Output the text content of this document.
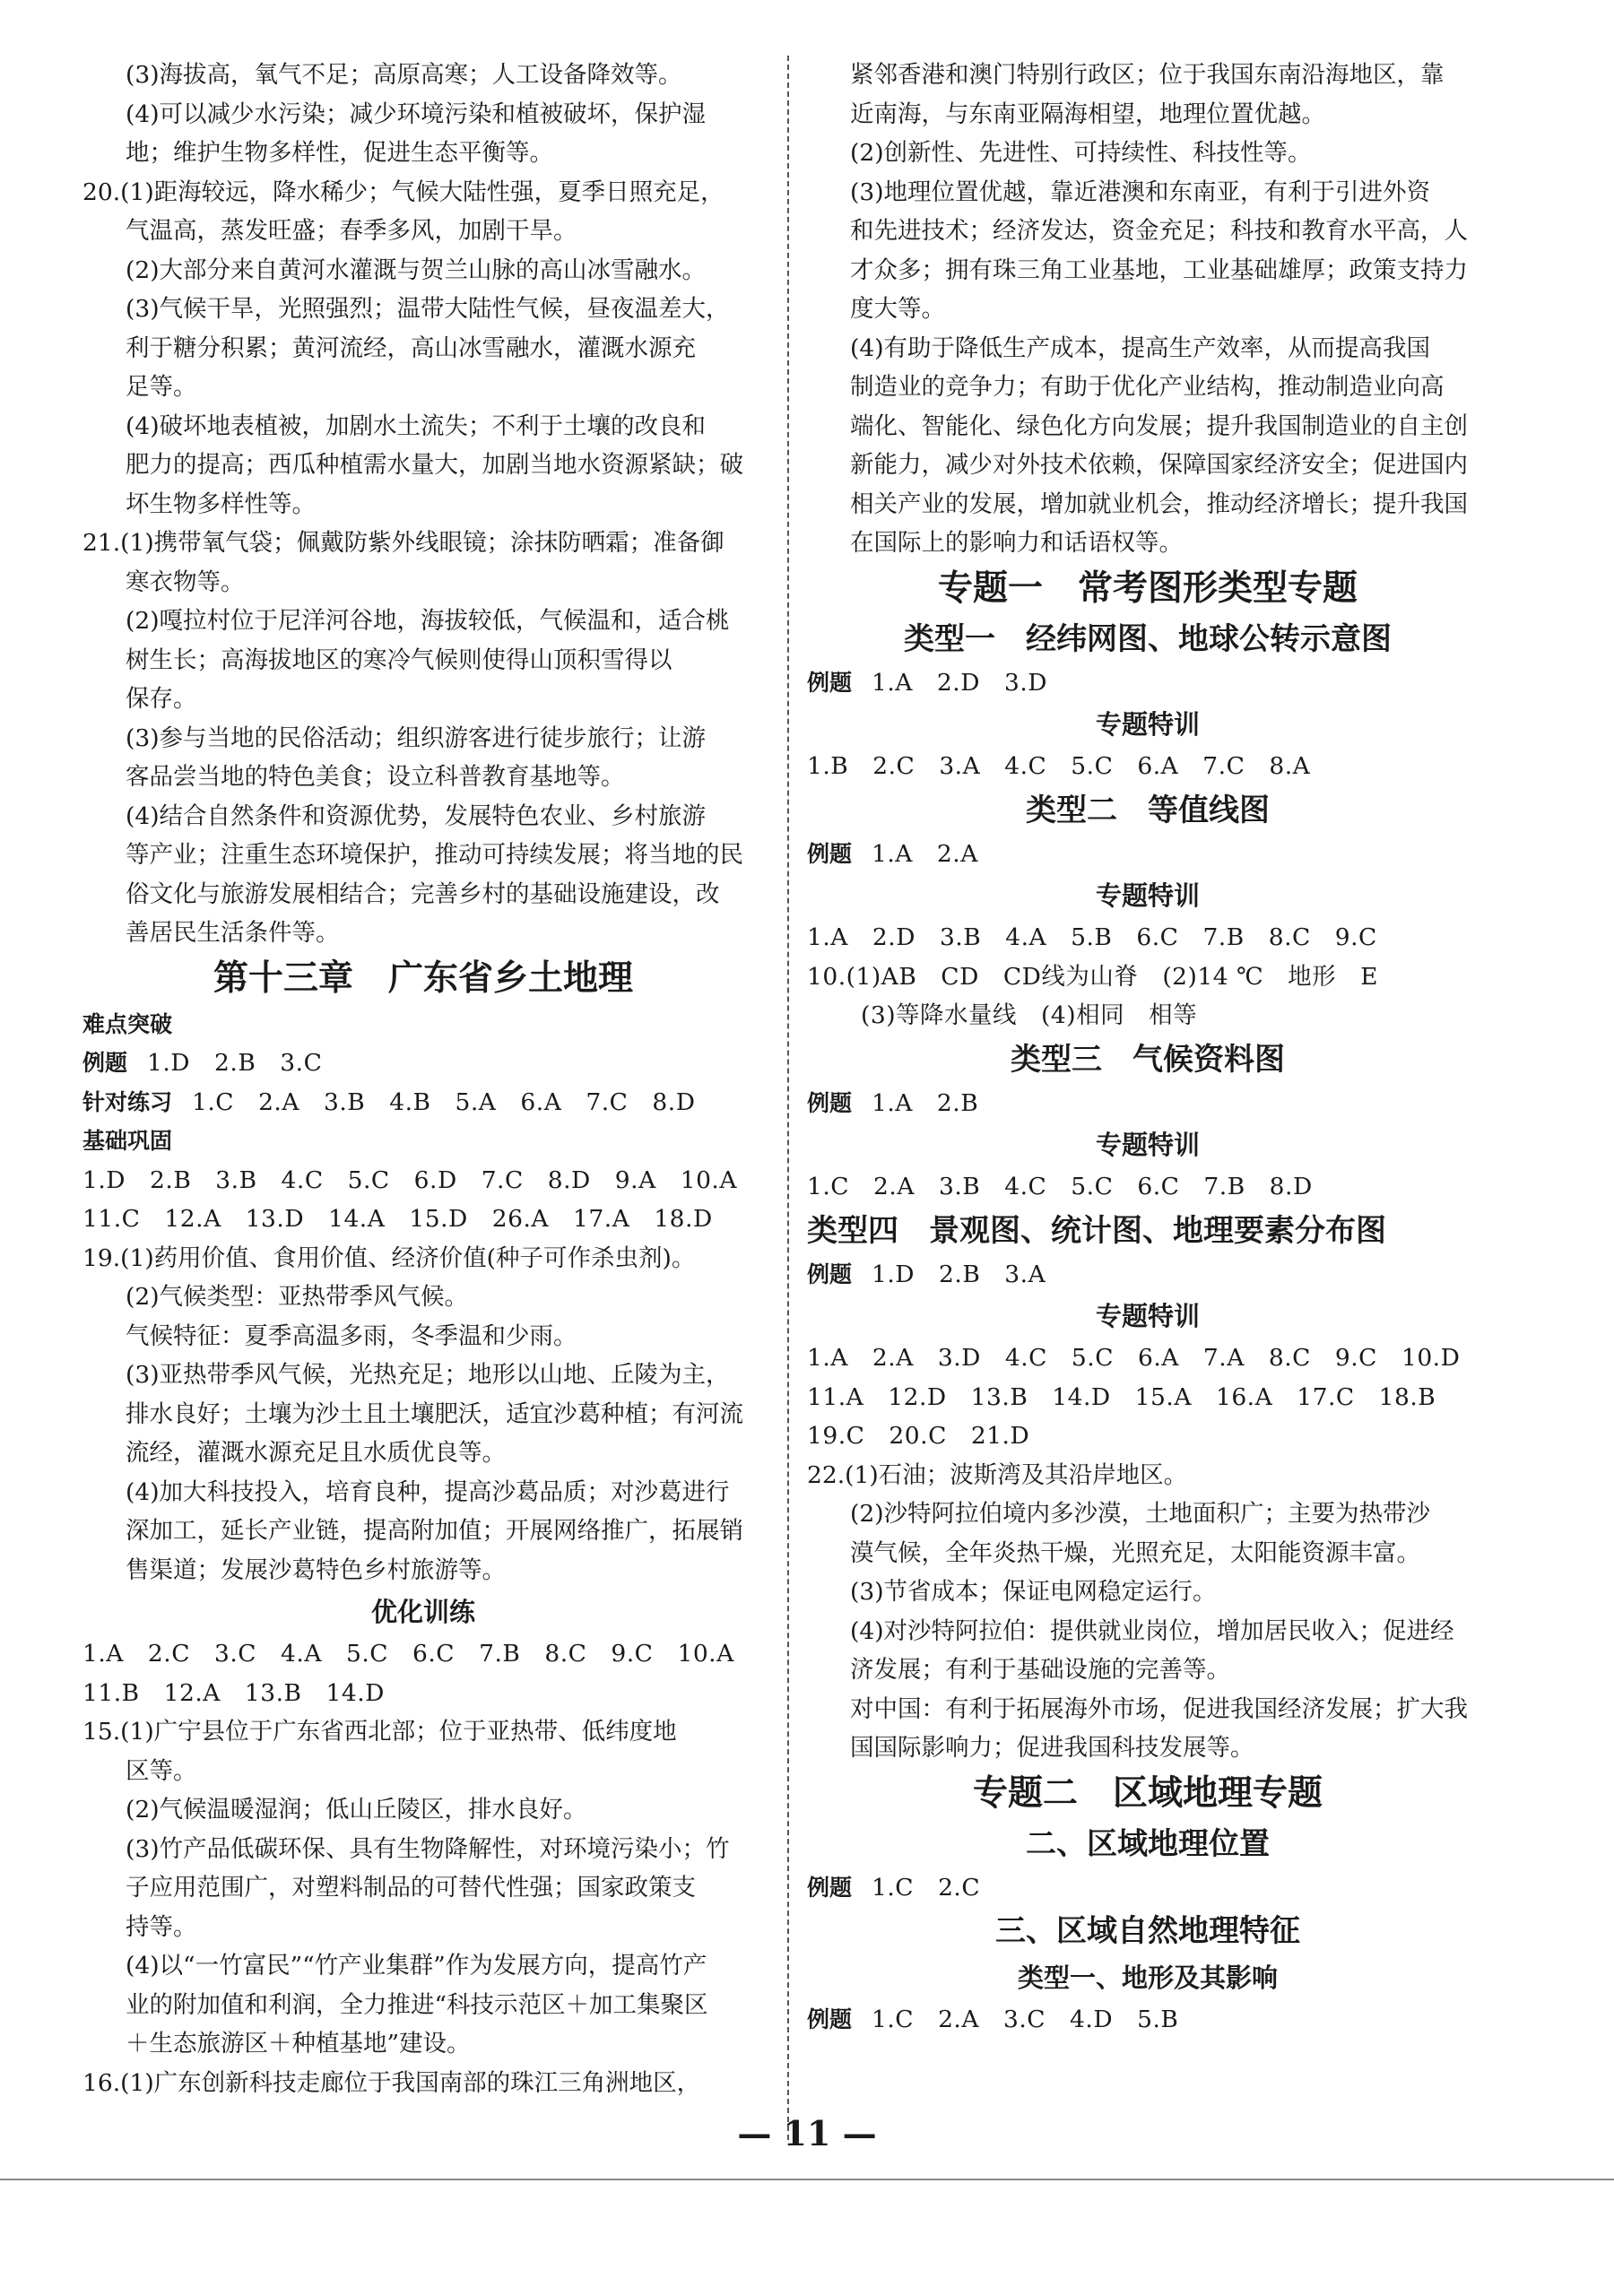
(3)海拔高，氧气不足；高原高寒；人工设备降效等。
(4)可以减少水污染；减少环境污染和植被破坏，保护湿
地；维护生物多样性，促进生态平衡等。
20.(1)距海较远，降水稀少；气候大陆性强，夏季日照充足，
气温高，蒸发旺盛；春季多风，加剧干旱。
(2)大部分来自黄河水灌溉与贺兰山脉的高山冰雪融水。
(3)气候干旱，光照强烈；温带大陆性气候，昼夜温差大，
利于糖分积累；黄河流经，高山冰雪融水，灌溉水源充
足等。
(4)破坏地表植被，加剧水土流失；不利于土壤的改良和
肥力的提高；西瓜种植需水量大，加剧当地水资源紧缺；破
坏生物多样性等。
21.(1)携带氧气袋；佩戴防紫外线眼镜；涂抹防晒霜；准备御
寒衣物等。
(2)嘎拉村位于尼洋河谷地，海拔较低，气候温和，适合桃
树生长；高海拔地区的寒冷气候则使得山顶积雪得以
保存。
(3)参与当地的民俗活动；组织游客进行徒步旅行；让游
客品尝当地的特色美食；设立科普教育基地等。
(4)结合自然条件和资源优势，发展特色农业、乡村旅游
等产业；注重生态环境保护，推动可持续发展；将当地的民
俗文化与旅游发展相结合；完善乡村的基础设施建设，改
善居民生活条件等。
第十三章　广东省乡土地理
难点突破
例题 1.D　2.B　3.C
针对练习 1.C　2.A　3.B　4.B　5.A　6.A　7.C　8.D
基础巩固
1.D　2.B　3.B　4.C　5.C　6.D　7.C　8.D　9.A　10.A
11.C　12.A　13.D　14.A　15.D　26.A　17.A　18.D
19.(1)药用价值、食用价值、经济价值(种子可作杀虫剂)。
(2)气候类型：亚热带季风气候。
气候特征：夏季高温多雨，冬季温和少雨。
(3)亚热带季风气候，光热充足；地形以山地、丘陵为主，
排水良好；土壤为沙土且土壤肥沃，适宜沙葛种植；有河流
流经，灌溉水源充足且水质优良等。
(4)加大科技投入，培育良种，提高沙葛品质；对沙葛进行
深加工，延长产业链，提高附加值；开展网络推广，拓展销
售渠道；发展沙葛特色乡村旅游等。
优化训练
1.A　2.C　3.C　4.A　5.C　6.C　7.B　8.C　9.C　10.A
11.B　12.A　13.B　14.D
15.(1)广宁县位于广东省西北部；位于亚热带、低纬度地
区等。
(2)气候温暖湿润；低山丘陵区，排水良好。
(3)竹产品低碳环保、具有生物降解性，对环境污染小；竹
子应用范围广，对塑料制品的可替代性强；国家政策支
持等。
(4)以“一竹富民”“竹产业集群”作为发展方向，提高竹产
业的附加值和利润，全力推进“科技示范区＋加工集聚区
＋生态旅游区＋种植基地”建设。
16.(1)广东创新科技走廊位于我国南部的珠江三角洲地区，
紧邻香港和澳门特别行政区；位于我国东南沿海地区，靠
近南海，与东南亚隔海相望，地理位置优越。
(2)创新性、先进性、可持续性、科技性等。
(3)地理位置优越，靠近港澳和东南亚，有利于引进外资
和先进技术；经济发达，资金充足；科技和教育水平高，人
才众多；拥有珠三角工业基地，工业基础雄厚；政策支持力
度大等。
(4)有助于降低生产成本，提高生产效率，从而提高我国
制造业的竞争力；有助于优化产业结构，推动制造业向高
端化、智能化、绿色化方向发展；提升我国制造业的自主创
新能力，减少对外技术依赖，保障国家经济安全；促进国内
相关产业的发展，增加就业机会，推动经济增长；提升我国
在国际上的影响力和话语权等。
专题一　常考图形类型专题
类型一　经纬网图、地球公转示意图
例题 1.A　2.D　3.D
专题特训
1.B　2.C　3.A　4.C　5.C　6.A　7.C　8.A
类型二　等值线图
例题 1.A　2.A
专题特训
1.A　2.D　3.B　4.A　5.B　6.C　7.B　8.C　9.C
10.(1)AB　CD　CD线为山脊　(2)14 ℃　地形　E
(3)等降水量线　(4)相同　相等
类型三　气候资料图
例题 1.A　2.B
专题特训
1.C　2.A　3.B　4.C　5.C　6.C　7.B　8.D
类型四　景观图、统计图、地理要素分布图
例题 1.D　2.B　3.A
专题特训
1.A　2.A　3.D　4.C　5.C　6.A　7.A　8.C　9.C　10.D
11.A　12.D　13.B　14.D　15.A　16.A　17.C　18.B
19.C　20.C　21.D
22.(1)石油；波斯湾及其沿岸地区。
(2)沙特阿拉伯境内多沙漠，土地面积广；主要为热带沙
漠气候，全年炎热干燥，光照充足，太阳能资源丰富。
(3)节省成本；保证电网稳定运行。
(4)对沙特阿拉伯：提供就业岗位，增加居民收入；促进经
济发展；有利于基础设施的完善等。
对中国：有利于拓展海外市场，促进我国经济发展；扩大我
国国际影响力；促进我国科技发展等。
专题二　区域地理专题
二、区域地理位置
例题 1.C　2.C
三、区域自然地理特征
类型一、地形及其影响
例题 1.C　2.A　3.C　4.D　5.B
— 11 —
